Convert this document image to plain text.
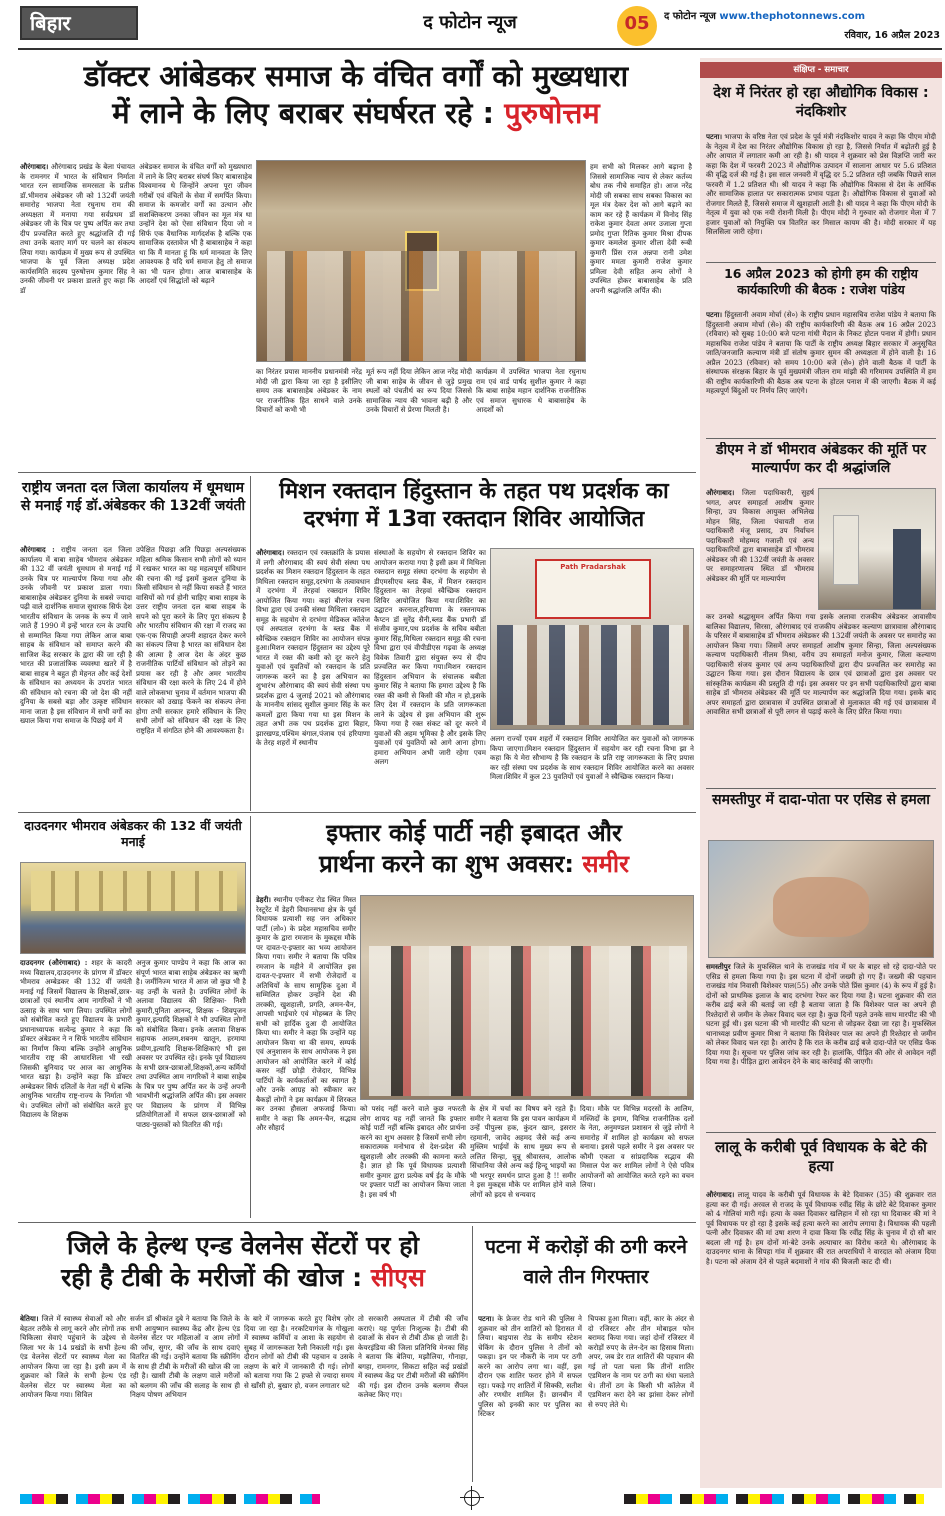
बिहार	द फोटोन न्यूज	05	द फोटोन न्यूज www.thephotonnews.com
रविवार, 16 अप्रैल 2023
डॉक्टर आंबेडकर समाज के वंचित वर्गों को मुख्यधारा
में लाने के लिए बराबर संघर्षरत रहे : पुरुषोत्तम
औरंगाबाद। औरंगाबाद प्रखंड के बेला पंचायत के रामनगर में भारत के संविधान निर्माता भारत रत्न सामाजिक समरसता के प्रतीक डॉ.भीमराव अंबेडकर जी को 132वीं जयंती समारोह भाजपा नेता रघुनाथ राम की अध्यक्षता में मनाया गया सर्वप्रथम डॉ अंबेडकर जी के चित्र पर पुष्प अर्पित कर तथा दीप प्रज्वलित करते हुए श्रद्धांजलि दी गई तथा उनके बताए मार्ग पर चलने का संकल्प लिया गया। कार्यक्रम में मुख्य रूप से उपस्थित भाजपा के पूर्व जिला अध्यक्ष प्रदेश कार्यसमिति सदस्य पुरुषोत्तम कुमार सिंह ने उनकी जीवनी पर प्रकाश डालते हुए कहा कि डॉ
अंबेडकर समाज के वंचित वर्गों को मुख्यधारा में लाने के लिए बराबर संघर्ष किए बाबासाहेब विश्वमानव थे जिन्होंने अपना पूरा जीवन गरीबों एवं वंचितों के सेवा में समर्पित किया। समाज के कमजोर वर्गों का उत्थान और सशक्तिकरण उनका जीवन का मूल मंत्र था उन्होंने देश को ऐसा संविधान दिया जो न सिर्फ एक वैधानिक मार्गदर्शक है बल्कि एक सामाजिक दस्तावेज भी है बाबासाहेब ने कहा था कि मैं मानता हूं कि धर्म मानवता के लिए आवश्यक है यदि धर्म समाज हेतु तो समाज का भी पतन होगा। आज बाबासाहेब के आदर्शों एवं सिद्धांतों को बढ़ाने
का निरंतर प्रयास माननीय प्रधानमंत्री नरेंद्र मोदी जी द्वारा किया जा रहा है इसीलिए समय तक बाबासाहेब अंबेडकर के नाम पर राजनीतिक हित साधने वाले उनके विचारों को कभी भी
मूर्त रूप नहीं दिया लेकिन आज नरेंद्र मोदी जी बाबा साहेब के जीवन से जुड़े प्रमुख स्थलों को पंचतीर्थ का रूप दिया जिससे सामाजिक न्याय की भावना बढ़ी है और उनके विचारों से प्रेरणा मिलती है।
कार्यक्रम में उपस्थित भाजपा नेता रघुनाथ राम एवं वार्ड पार्षद सुशील कुमार ने कहा कि बाबा साहेब महान दार्शनिक राजनीतिक एवं समाज सुधारक थे बाबासाहेब के आदर्शों को
हम सभी को मिलकर आगे बढ़ाना है जिससे सामाजिक न्याय से लेकर कर्तव्य बोध तक नीचे समाहित हो। आज नरेंद्र मोदी जी सबका साथ सबका विकास का मूल मंत्र देकर देश को आगे बढ़ाने का काम कर रहे हैं कार्यक्रम में विनोद सिंह राकेश कुमार देवता अमर उजाला गुप्ता प्रमोद गुप्ता रितिक कुमार मिश्रा दीपक कुमार कमलेश कुमार शीला देवी रूबी कुमारी प्रिंस राज अन्नपा रानी उमेश कुमार ममता कुमारी राजेश कुमार प्रमिला देवी सहित अन्य लोगों ने उपस्थित होकर बाबासाहेब के प्रति अपनी श्रद्धांजलि अर्पित की।
राष्ट्रीय जनता दल जिला कार्यालय में धूमधाम से मनाई गई डॉ.अंबेडकर की 132वीं जयंती
औरंगाबाद : राष्ट्रीय जनता दल जिला कार्यालय में बाबा साहेब भीमराव अंबेडकर की 132 वीं जयंती धूमधाम से मनाई गई उनके चित्र पर माल्यार्पण किया गया और उनके जीवनी पर प्रकाश डाला गया। बाबासाहेब अंबेडकर दुनिया के सबसे ज्यादा पढ़ी वाले दार्शनिक समाज सुधारक सिर्फ देश भारतीय संविधान के जनक के रूप में जाने जाते हैं 1990 में इन्हें भारत रत्न के उपाधि से सम्मानित किया गया लेकिन आज बाबा साहब के संविधान को समाप्त करने की साजिश केंद्र सरकार के द्वारा की जा रही है भारत की प्रजातांत्रिक व्यवस्था खतरे में है बाबा साहब ने बहुत ही मेहनत और कई देशों के संविधान का अध्ययन के उपरांत भारत की संविधान को रचना की जो देश की नहीं दुनिया के सबसे बड़ा और उत्कृष्ट संविधान माना जाता है इस संविधान में सभी वर्गों का ख्याल किया गया समाज के पिछड़े वर्ग में
उपेक्षित पिछड़ा अति पिछड़ा अल्पसंख्यक महिला श्रमिक किसान सभी लोगों को ध्यान में रखकर भारत का यह महत्वपूर्ण संविधान की रचना की गई इसमें कुशल दुनिया के किसी संविधान से नहीं किया सकते हैं भारत वासियों को गर्व होनी चाहिए बाबा साहब के उत्तर राष्ट्रीय जनता दल बाबा साहब के सपने को पूरा करने के लिए पूरा संकल्प है और भारतीय संविधान की रक्षा में राजद का एक-एक सिपाही अपनी शहादत देकर करने का संकल्प लिया है भारत का संविधान देश की आत्मा है आज देश के अंदर कुछ राजनीतिक पार्टियों संविधान को तोड़ने का प्रयास कर रही है और अमर भारतीय संविधान की रक्षा करने के लिए 24 में होने वाले लोकसभा चुनाव में वर्तमान भाजपा की सरकार को उखाड़ फेंकने का संकल्प लेना होगा तभी सरकार हमारे संविधान के लिए सभी लोगों को संविधान की रक्षा के लिए राष्ट्रहित में संगठित होने की आवश्यकता है।
मिशन रक्तदान हिंदुस्तान के तहत पथ प्रदर्शक का
दरभंगा में 13वा रक्तदान शिविर आयोजित
औरंगाबाद। रक्तदान एवं रक्तक्रांति के प्रयास में लगी औरंगाबाद की स्वयं सेवी संस्था पथ प्रदर्शक का मिशन रक्तदान हिंदुस्तान के तहत मिथिला रक्तदान समूह,दरभंगा के तत्वावधान में दरभंगा में तेरहवां रक्तदान शिविर आयोजित किया गया। कहां बीरगंज रचना विभा द्वारा एवं उनकी संस्था मिथिला रक्तदान समूह के सहयोग से दरभंगा मेडिकल कॉलेज एवं अस्पताल दरभंगा के ब्लड बैंक में स्वैच्छिक रक्तदान शिविर का आयोजन संपन्न हुआ।मिशन रक्तदान हिंदुस्तान का उद्देश्य पूरे भारत में रक्त की कमी को दूर करने हेतु युवाओं एवं युवतियों को रक्तदान के प्रति जागरूक करने का है इस अभियान का शुभारंभ औरंगाबाद की स्वयं सेवी संस्था पथ प्रदर्शक द्वारा 4 जुलाई 2021 को औरंगाबाद के माननीय सांसद सुशील कुमार सिंह के कर कमलों द्वारा किया गया था इस मिशन के तहत अभी तक पथ प्रदर्शक द्वारा बिहार, झारखण्ड,पश्चिम बंगाल,पंजाब एवं हरियाणा के तेरह शहरों में स्थानीय
संस्थाओं के सहयोग से रक्तदान शिविर का आयोजन कराया गया है इसी क्रम में मिथिला रक्तदान समूह संस्था दरभंगा के सहयोग से डीएमसीएच ब्लड बैंक, में मिशन रक्तदान हिंदुस्तान का तेरहवां स्वैच्छिक रक्तदान शिविर आयोजित किया गया।शिविर का उद्घाटन करनाल,हरियाणा के रक्तनायक कैप्टन डॉ सुरेंद्र सैनी,ब्लड बैंक प्रभारी डॉ संजीव कुमार,पथ प्रदर्शक के सचिव बबीता कुमार सिंह,मिथिला रक्तदान समूह की रचना विभा द्वारा एवं वीपीडीएस गढ़वा के अध्यक्ष विवेक तिवारी द्वारा संयुक्त रूप से दीप प्रज्वलित कर किया गया।मिशन रक्तदान हिंदुस्तान अभियान के संचालक बबीता कुमार सिंह ने बताया कि हमारा उद्देश्य है कि रक्त की कमी से किसी की मौत न हो,इसके लिए देश में रक्तदान के प्रति जागरूकता लाने के उद्देश्य से इस अभियान की शुरू किया गया है रक्त संकट को दूर करने में युवाओं की अहम भूमिका है और इसके लिए युवाओं एवं युवतियों को आगे आना होगा।हमारा अभियान अभी जारी रहेगा एवम अलग
Path Pradarshak
अलग राज्यों एवम शहरों में रक्तदान शिविर आयोजित कर युवाओं को जागरूक किया जाएगा।मिशन रक्तदान हिंदुस्तान में सहयोग कर रही रचना विभा झा ने कहा कि ये मेरा सौभाग्य है कि रक्तदान के प्रति राष्ट्र जागरूकता के लिए प्रयास कर रही संस्था पथ प्रदर्शक के साथ रक्तदान शिविर आयोजित करने का अवसर मिला।शिविर में कुल 23 युवतियों एवं युवाओं ने स्वैच्छिक रक्तदान किया।
दाउदनगर भीमराव अंबेडकर की 132 वीं जयंती मनाई
दाउदनगर (औरंगाबाद) : शहर के कादरी मध्य विद्यालय,दाउदनगर के प्रांगण में डॉक्टर भीमराव अम्बेडकर की 132 वीं जयंती मनाई गई जिसमें विद्यालय के शिक्षकों,छात्र-छात्राओं एवं स्थानीय आम नागरिकों ने भी उत्साह के साथ भाग लिया। उपस्थित लोगों को संबोधित करते हुए विद्यालय के प्रभारी प्रधानाध्यापक सत्येन्द्र कुमार ने कहा कि डॉक्टर अंबेडकर ने न सिर्फ भारतीय संविधान का निर्माण किया बल्कि उन्होंने आधुनिक भारतीय राष्ट्र की आधारशिला भी रखी जिसकी बुनियाद पर आज का आधुनिक भारत खड़ा है। उन्होंने कहा कि डॉक्टर अम्बेडकर सिर्फ दलितों के नेता नहीं थे बल्कि आधुनिक भारतीय राष्ट्र-राज्य के निर्माता भी थे। उपस्थित लोगों को संबोधित करते हुए विद्यालय के शिक्षक
अनुज कुमार पाण्डेय ने कहा कि आज का संपूर्ण भारत बाबा साहेब अंबेडकर का ऋणी है। जर्मीनिज्म भारत में आज जो कुछ भी है वह उन्हीं के चलते है। उपस्थित लोगों के अलावा विद्यालय की शिक्षिका- निशी कुमारी,पुनिता आनन्द, शिक्षक - शिवपूजन कुमार,इत्यादि शिक्षकों ने भी उपस्थित लोगों को संबोधित किया। इनके अलावा शिक्षक सहायक आलम,शबनम खातून, हरमाया प्रवीण,इत्यादि शिक्षक-शिक्षिकाएं भी इस अवसर पर उपस्थित रहे। इनके पूर्व विद्यालय के सभी छात्र-छात्राओं,शिक्षकों,अन्य कर्मियों तथा उपस्थित आम नागरिकों ने बाबा साहेब के चित्र पर पुष्प अर्पित कर के उन्हें अपनी भावभीनी श्रद्धांजलि अर्पित की। इस अवसर पर विद्यालय के प्रांगण में विभिन्न प्रतियोगिताओं में सफल छात्र-छात्राओं को पाठ्य-पुस्तकों को वितरित की गई।
इफ्तार कोई पार्टी नही इबादत और
प्रार्थना करने का शुभ अवसर: समीर
डेहरी। स्थानीय एनीकट रोड स्थित मिस्त रेस्टूरेंट में डेहरी विधानसभा क्षेत्र के पूर्व विधायक प्रत्याशी सह जन अधिकार पार्टी (लो०) के प्रदेश महासचिव समीर कुमार के द्वारा रमजान के मुकद्दस मौके पर दावत-ए-इफ्तार का भव्य आयोजन किया गया। समीर ने बताया कि पवित्र रमजान के महीने में आयोजित इस दावत-ए-इफ्तार में सभी रोजेदारों व अतिथियों के साथ सामूहिक दुआ में सम्मिलित होकर उन्होंने देश की तरक्की, खुशहाली, प्रगति, अमन-चैन, आपसी भाईचारे एवं मोहब्बत के लिए सभी को हार्दिक दुआ दी आयोजित किया था। समीर ने कहा कि उन्होंने यह आयोजन किया था की समय, सम्पर्क एवं अनुशासन के साथ आयोजक ने इस आयोजन को आयोजित करने में कोई कसर नहीं छोड़ी रोजेदार, विभिन्न पार्टियों के कार्यकर्ताओं का स्वागत है और उनके आग्रह को स्वीकार कर बैकड़ों लोगों ने इस कार्यक्रम में शिरकत कर उनका हौसला अफजाई किया। समीर ने कहा कि अमन-चैन, सद्भाव और सौहार्द
को पसंद नहीं करने वाले कुछ नफरती लोग शायद यह नहीं जानते कि इफ्तार कोई पार्टी नहीं बल्कि इबादत और प्रार्थना करने का शुभ अवसर है जिसमें सभी लोग सकारात्मक मनोभाव से देश-प्रदेश की खुशहाली और तरक्की की कामना करते है। ज्ञात हो कि पूर्व विधायक प्रत्याशी समीर कुमार द्वारा प्रत्येक वर्ष ईद के मौके पर इफ्तार पार्टी का आयोजन किया जाता है। इस वर्ष भी
के क्षेत्र में चर्चा का विषय बने रहते हैं। समीर ने बताया कि इस पावन कार्यक्रम में उन्हें पीपुल्स हक, कुंदन खान, इसरार रहमानी, जावेद अहमद जैसे कई अन्य मुस्लिम भाईयों के साथ मुख्य रूप से ललित सिन्हा, चुन्नू श्रीवास्तव, आलोक सिंचानिया जैसे अन्य कई हिन्दू भाइयों का भी भरपूर समर्थन प्राप्त हुआ है !! समीर ने इस मुकद्दस मौके पर शामिल होने वाले लोगों को ह्रदय से धन्यवाद
दिया। मौके पर विभिन्न मदरसों के आलिम, मस्जिदों के इमाम, विभिन्न राजनीतिक दलों के नेता, अनुमण्डल प्रशासन से जुड़े लोगों ने समारोह में शामिल हो कार्यक्रम को सफल बनाया। इससे पहले समीर ने इस अवसर पर कौमी एकता व सांप्रदायिक सद्भाव की मिसाल पेश कर शामिल लोगों ने ऐसे पवित्र आयोजनों को आयोजित करते रहने का वचन लिया।
जिले के हेल्थ एन्ड वेलनेस सेंटरों पर हो
रही है टीबी के मरीजों की खोज : सीएस
बेतिया। जिले में स्वास्थ्य सेवाओं को और बेहतर तरीके से लागू करने और लोगों तक चिकित्सा सेवाएं पहुंचाने के उद्देश्य से जिला भर के 14 प्रखंडों के सभी हेल्थ एंड वेलनेस सेंटरों पर स्वास्थ्य मेला का आयोजन किया जा रहा है। इसी क्रम में शुक्रवार को जिले के सभी हेल्थ एंड वेलनेस सेंटर पर स्वास्थ्य मेला का आयोजन किया गया। सिविल
सर्जन डॉ श्रीकांत दुबे ने बताया कि जिले के सभी आयुष्मान स्वास्थ्य केंद्र और हेल्थ एंड वेलनेस सेंटर पर महिलाओं व आम लोगों की जाँच, सुगर, की जाँच के साथ दवाएं वितरित की गई। उन्होंने बताया कि स्क्रीनिंग के साथ ही टीबी के मरीजों की खोज की जा रही है। खासी टीबी के लक्षण वाले मरीजों को बलगम की जाँच की सलाह के साथ ही निक्षय पोषण अभियान
के बारे में जागरूक करते हुए विशेष ज़ोर दिया जा रहा है। नरकटियागंज के गोखुला में स्वास्थ्य कर्मियों व आशा के सहयोग से सुबह में जागरूकता रैली निकाली गई। इस दौरान लोगों को टीबी की पहचान व उसके लक्षण के बारे में जानकारी दी गई। लोगों को बताया गया कि 2 हफ्ते से ज्यादा समय से खाँसी हो, बुखार हो, वजन लगातार घटे
तो सरकारी अस्पताल में टीबी की जाँच कराएं। यह पूर्णतः निःशुल्क है। टीबी की दवाओं के सेवन से टीबी ठीक हो जाती है। केयरइंडिया की जिला प्रतिनिधि मेनका सिंह ने बताया कि बेतिया, मझौलिया, गौनाहा, बगहा, रामनगर, सिकटा सहित कई प्रखंडों में स्वास्थ्य केंद्र पर टीबी मरीजों की स्क्रीनिंग की गई। इस दौरान उनके बलगम सैंपल कलेक्ट किए गए।
पटना में करोड़ों की ठगी करने वाले तीन गिरफ्तार
पटना। के फ्रेजर रोड थाने की पुलिस ने शुक्रवार को तीन शातिरों को हिरासत में लिया। बाइपास रोड के समीप स्टेशन चेकिंग के दौरान पुलिस ने तीनों को पकड़ा। इन पर नौकरी के नाम पर ठगी करने का आरोप लगा था। वहीं, इस दौरान एक शातिर फरार होने में सफल रहा। पकड़े गए शातिरों में सिक्की, सतीश और रणधीर शामिल हैं। छानबीन में पुलिस को इनकी कार पर पुलिस का स्टिकर
चिपका हुआ मिला। वहीं, कार के अंदर से दो रजिस्टर और तीन मोबाइल फोन बरामद किया गया। जहां दोनों रजिस्टर में करोड़ों रुपए के लेन-देन का हिसाब मिला। अपर, जब डेर रात शातिरों की पहचान की गई तो पता चला कि तीनों शातिर एडमिशन के नाम पर ठगी का धंधा चलाते थे। तीनों ठग के किसी भी कॉलेज में एडमिशन करा देने का झांसा देकर लोगों से रुपए लेते थे।
संक्षिप्त - समाचार
देश में निरंतर हो रहा औद्योगिक विकास : नंदकिशोर
पटना। भाजपा के वरिष्ठ नेता एवं प्रदेश के पूर्व मंत्री नंदकिशोर यादव ने कहा कि पीएम मोदी के नेतृत्व में देश का निरंतर औद्योगिक विकास हो रहा है, जिससे निर्यात में बढ़ोतरी हुई है और आयात में लगातार कमी आ रही है। श्री यादव ने शुक्रवार को प्रेस विज्ञप्ति जारी कर कहा कि देश में फरवरी 2023 में औद्योगिक उत्पादन में सालाना आधार पर 5.6 प्रतिशत की वृद्धि दर्ज की गई है। इस साल जनवरी में वृद्धि दर 5.2 प्रतिशत रही जबकि पिछले साल फरवरी में 1.2 प्रतिशत थी। श्री यादव ने कहा कि औद्योगिक विकास से देश के आर्थिक और सामाजिक हालात पर सकारात्मक प्रभाव पड़ता है। औद्योगिक विकास से युवाओं को रोजगार मिलते हैं, जिससे समाज में खुशहाली आती है। श्री यादव ने कहा कि पीएम मोदी के नेतृत्व में युवा को एक नयी रोशनी मिली है। पीएम मोदी ने गुरुवार को रोजगार मेला में 7 हजार युवाओं को नियुक्ति पत्र वितरित कर मिसाल कायम की है। मोदी सरकार में यह सिलसिला जारी रहेगा।
16 अप्रैल 2023 को होगी हम की राष्ट्रीय कार्यकारिणी की बैठक : राजेश पांडेय
पटना। हिंदुस्तानी अवाम मोर्चा (से०) के राष्ट्रीय प्रधान महासचिव राजेश पांडेय ने बताया कि हिंदुस्तानी अवाम मोर्चा (से०) की राष्ट्रीय कार्यकारिणी की बैठक अब 16 अप्रैल 2023 (रविवार) को सुबह 10:00 बजे पटना गांधी मैदान के निकट होटल पनाश में होगी। प्रधान महासचिव राजेश पांडेय ने बताया कि पार्टी के राष्ट्रीय अध्यक्ष बिहार सरकार में अनुसूचित जाति/जनजाति कल्याण मंत्री डॉ संतोष कुमार सुमन की अध्यक्षता में होने वाली है। 16 अप्रैल 2023 (रविवार) को समय 10:00 बजे (से०) होने वाली बैठक में पार्टी के संस्थापक संरक्षक बिहार के पूर्व मुख्यमंत्री जीतन राम मांझी की गरिमामय उपस्थिति में हम की राष्ट्रीय कार्यकारिणी की बैठक अब पटना के होटल पनाश में की जाएगी। बैठक में कई महत्वपूर्ण बिंदुओं पर निर्णय लिए जाएंगे।
डीएम ने डॉ भीमराव अंबेडकर की मूर्ति पर माल्यार्पण कर दी श्रद्धांजलि
औरंगाबाद। जिला पदाधिकारी, सुहर्ष भगत, अपर समाहर्ता आशीष कुमार सिन्हा, उप विकास आयुक्त अभिलेख मोहन सिंह, जिला पंचायती राज पदाधिकारी मंजू प्रसाद, उप निर्वाचन पदाधिकारी मोहम्मद गजाली एवं अन्य पदाधिकारियों द्वारा बाबासाहेब डॉ भीमराव अंबेडकर जी की 132वीं जयंती के अवसर पर समाहरणालय स्थित डॉ भीमराव अंबेडकर की मूर्ति पर माल्यार्पण
कर उनको श्रद्धासुमन अर्पित किया गया इसके अलावा राजकीय अंबेडकर आवासीय बालिका विद्यालय, सिरसा, औरंगाबाद एवं राजकीय अंबेडकर कल्याण छात्रावास औरंगाबाद के परिसर में बाबासाहेब डॉ भीमराव अंबेडकर की 132वीं जयंती के अवसर पर समारोह का आयोजन किया गया। जिसमें अपर समाहर्ता आशीष कुमार सिन्हा, जिला अल्पसंख्यक कल्याण पदाधिकारी नीलम मिश्रा, वरीय उप समाहर्ता मनोज कुमार, जिला कल्याण पदाधिकारी संजय कुमार एवं अन्य पदाधिकारियों द्वारा दीप प्रज्वलित कर समारोह का उद्घाटन किया गया। इस दौरान विद्यालय के छात्र एवं छात्राओं द्वारा इस अवसर पर सांस्कृतिक कार्यक्रम की प्रस्तुति दी गई। इस अवसर पर इन सभी पदाधिकारियों द्वारा बाबा साहेब डॉ भीमराव अंबेडकर की मूर्ति पर माल्यार्पण कर श्रद्धांजलि दिया गया। इसके बाद अपर समाहर्ता द्वारा छात्रावास में उपस्थित छात्राओं से मुलाकात की गई एवं छात्रावास में आवासित सभी छात्राओं से पूरी लगन से पढ़ाई करने के लिए प्रेरित किया गया।
समस्तीपुर में दादा-पोता पर एसिड से हमला
समस्तीपुर जिले के मुफस्सिल थाने के राजखंड गांव में घर के बाहर सो रहे दादा-पोते पर एसिड से हमला किया गया है। इस घटना में दोनों जख्मी हो गए हैं। जख्मी की पहचान राजखंड गांव निवासी विशेश्वर पाल(55) और उनके पोते प्रिंस कुमार (4) के रूप में हुई है। दोनों को प्राथमिक इलाज के बाद दरभंगा रेफर कर दिया गया है। घटना शुक्रवार की रात करीब ढाई बजे की बताई जा रही है बताया जाता है कि विशेश्वर पाल का अपने ही रिश्तेदारों से जमीन के लेकर विवाद चल रहा है। कुछ दिनों पहले उनके साथ मारपीट की भी घटना हुई थी। इस घटना की भी मारपीट की घटना से जोड़कर देखा जा रहा है। मुफस्सिल थानाध्यक्ष प्रवीण कुमार मिश्रा ने बताया कि विशेश्वर पाल का अपने ही रिश्तेदार से जमीन को लेकर विवाद चल रहा है। आरोप है कि रात के करीब ढाई बजे दादा-पोते पर एसिड फेंक दिया गया है। सूचना पर पुलिस जांच कर रही है। हालांकि, पीड़ित की ओर से आवेदन नहीं दिया गया है। पीड़ित द्वारा आवेदन देने के बाद कार्रवाई की जाएगी।
लालू के करीबी पूर्व विधायक के बेटे की हत्या
औरंगाबाद। लालू यादव के करीबी पूर्व विधायक के बेटे दिवाकर (35) की शुक्रवार रात हत्या कर दी गई। अरवल से राजद के पूर्व विधायक रवींद्र सिंह के छोटे बेटे दिवाकर कुमार को 4 गोलियां मारी गई। हत्या के वक्त दिवाकर खलिहान में सो रहा था दिवाकर की मां ने पूर्व विधायक पर हो रहा है इसके कई हत्या करने का आरोप लगाया है। विधायक की पहली पत्नी और दिवाकर की मां उषा शरण ने दावा किया कि रवींद्र सिंह के चुनाव में दो सौ बार बदला ली गई है। हम दोनों मां-बेटे उनके अत्याचार का विरोध करते थे। औरंगाबाद के दाउदनगर थाना के सिपहा गांव में शुक्रवार की रात अपराधियों ने वारदात को अंजाम दिया है। पटना को अंजाम देने से पहले बदमाशों ने गांव की बिजली काट दी थी।
